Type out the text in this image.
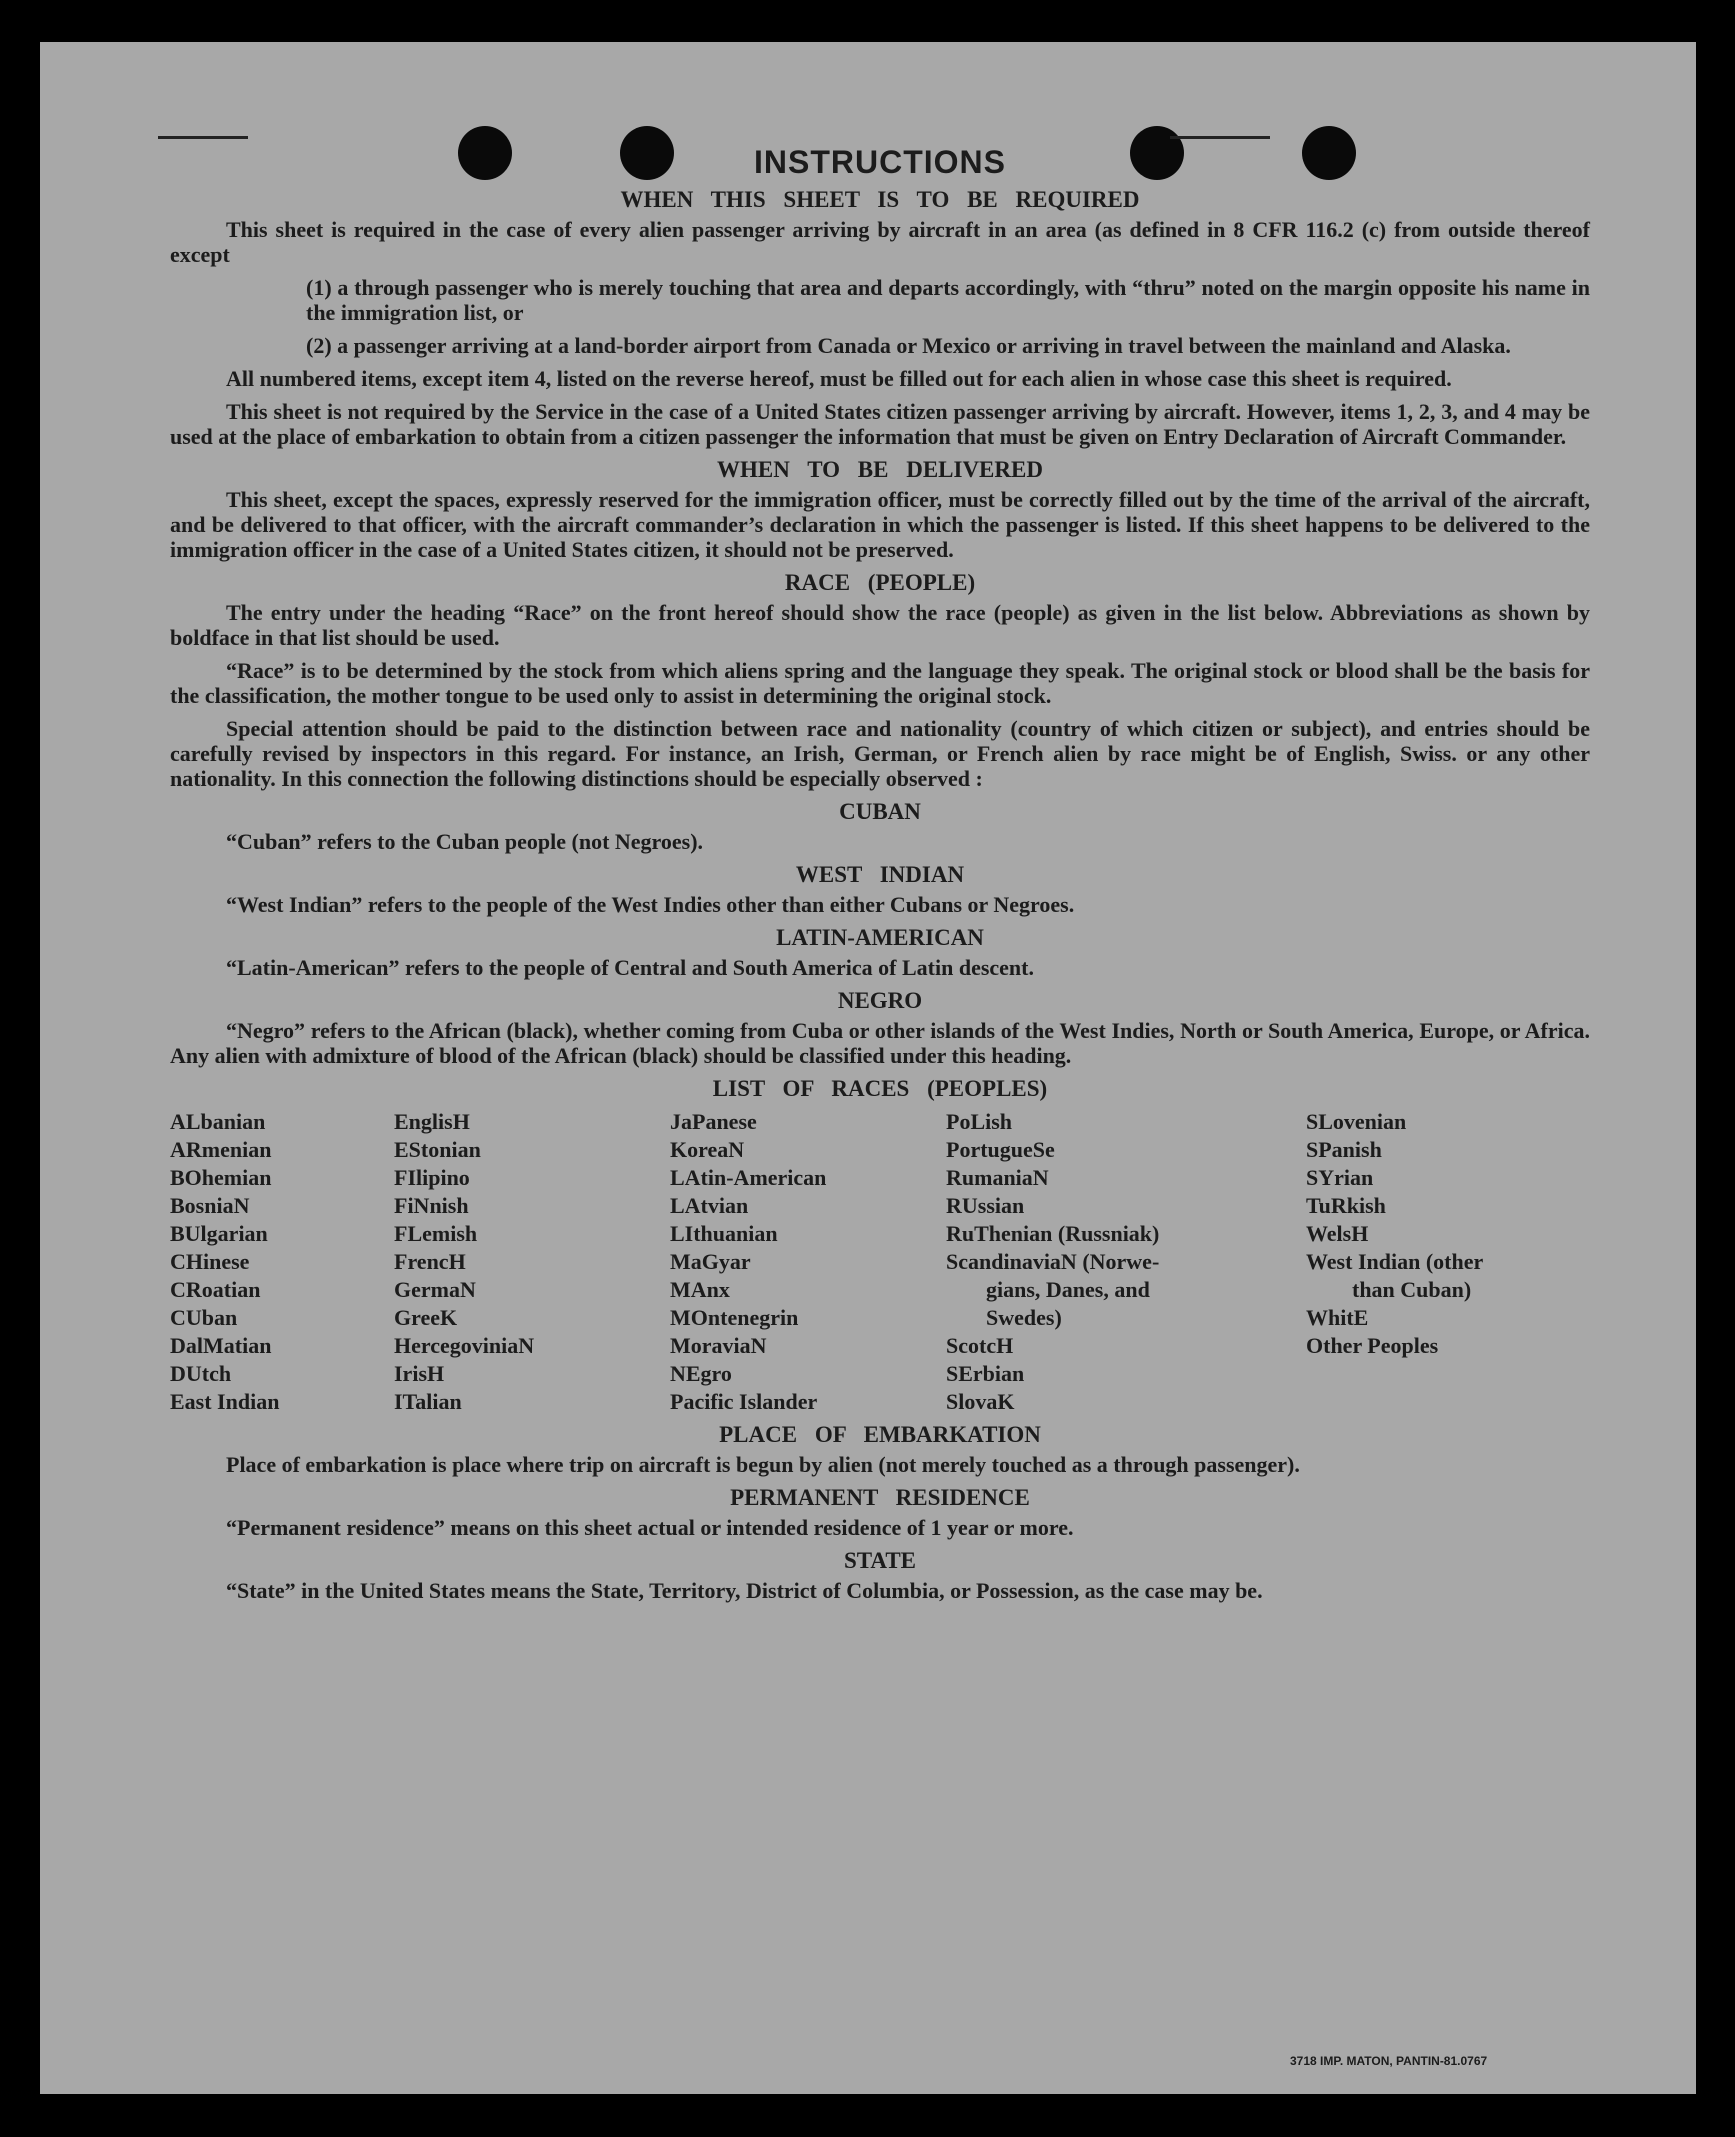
INSTRUCTIONS
WHEN THIS SHEET IS TO BE REQUIRED

This sheet is required in the case of every alien passenger arriving by aircraft in an area (as defined in 8 CFR 116.2 (c) from outside thereof except

(1) a through passenger who is merely touching that area and departs accordingly, with “thru” noted on the margin opposite his name in the immigration list, or

(2) a passenger arriving at a land-border airport from Canada or Mexico or arriving in travel between the mainland and Alaska.

All numbered items, except item 4, listed on the reverse hereof, must be filled out for each alien in whose case this sheet is required.

This sheet is not required by the Service in the case of a United States citizen passenger arriving by aircraft. However, items 1, 2, 3, and 4 may be used at the place of embarkation to obtain from a citizen passenger the information that must be given on Entry Declaration of Aircraft Commander.

WHEN TO BE DELIVERED

This sheet, except the spaces, expressly reserved for the immigration officer, must be correctly filled out by the time of the arrival of the aircraft, and be delivered to that officer, with the aircraft commander’s declaration in which the passenger is listed. If this sheet happens to be delivered to the immigration officer in the case of a United States citizen, it should not be preserved.

RACE (PEOPLE)

The entry under the heading “Race” on the front hereof should show the race (people) as given in the list below. Abbreviations as shown by boldface in that list should be used.

“Race” is to be determined by the stock from which aliens spring and the language they speak. The original stock or blood shall be the basis for the classification, the mother tongue to be used only to assist in determining the original stock.

Special attention should be paid to the distinction between race and nationality (country of which citizen or subject), and entries should be carefully revised by inspectors in this regard. For instance, an Irish, German, or French alien by race might be of English, Swiss. or any other nationality. In this connection the following distinctions should be especially observed :

CUBAN

“Cuban” refers to the Cuban people (not Negroes).

WEST INDIAN

“West Indian” refers to the people of the West Indies other than either Cubans or Negroes.

LATIN-AMERICAN

“Latin-American” refers to the people of Central and South America of Latin descent.

NEGRO

“Negro” refers to the African (black), whether coming from Cuba or other islands of the West Indies, North or South America, Europe, or Africa. Any alien with admixture of blood of the African (black) should be classified under this heading.

LIST OF RACES (PEOPLES)
ALbanian
ARmenian
BOhemian
BosniaN
BUlgarian
CHinese
CRoatian
CUban
DalMatian
DUtch
East Indian
EnglisH
EStonian
FIlipino
FiNnish
FLemish
FrencH
GermaN
GreeK
HercegoviniaN
IrisH
ITalian
JaPanese
KoreaN
LAtin-American
LAtvian
LIthuanian
MaGyar
MAnx
MOntenegrin
MoraviaN
NEgro
Pacific Islander
PoLish
PortugueSe
RumaniaN
RUssian
RuThenian (Russniak)
ScandinaviaN (Norwe-
gians, Danes, and
Swedes)
ScotcH
SErbian
SlovaK
SLovenian
SPanish
SYrian
TuRkish
WelsH
West Indian (other
than Cuban)
WhitE
Other Peoples
PLACE OF EMBARKATION

Place of embarkation is place where trip on aircraft is begun by alien (not merely touched as a through passenger).

PERMANENT RESIDENCE

“Permanent residence” means on this sheet actual or intended residence of 1 year or more.

STATE

“State” in the United States means the State, Territory, District of Columbia, or Possession, as the case may be.

3718 IMP. MATON, PANTIN-81.0767
